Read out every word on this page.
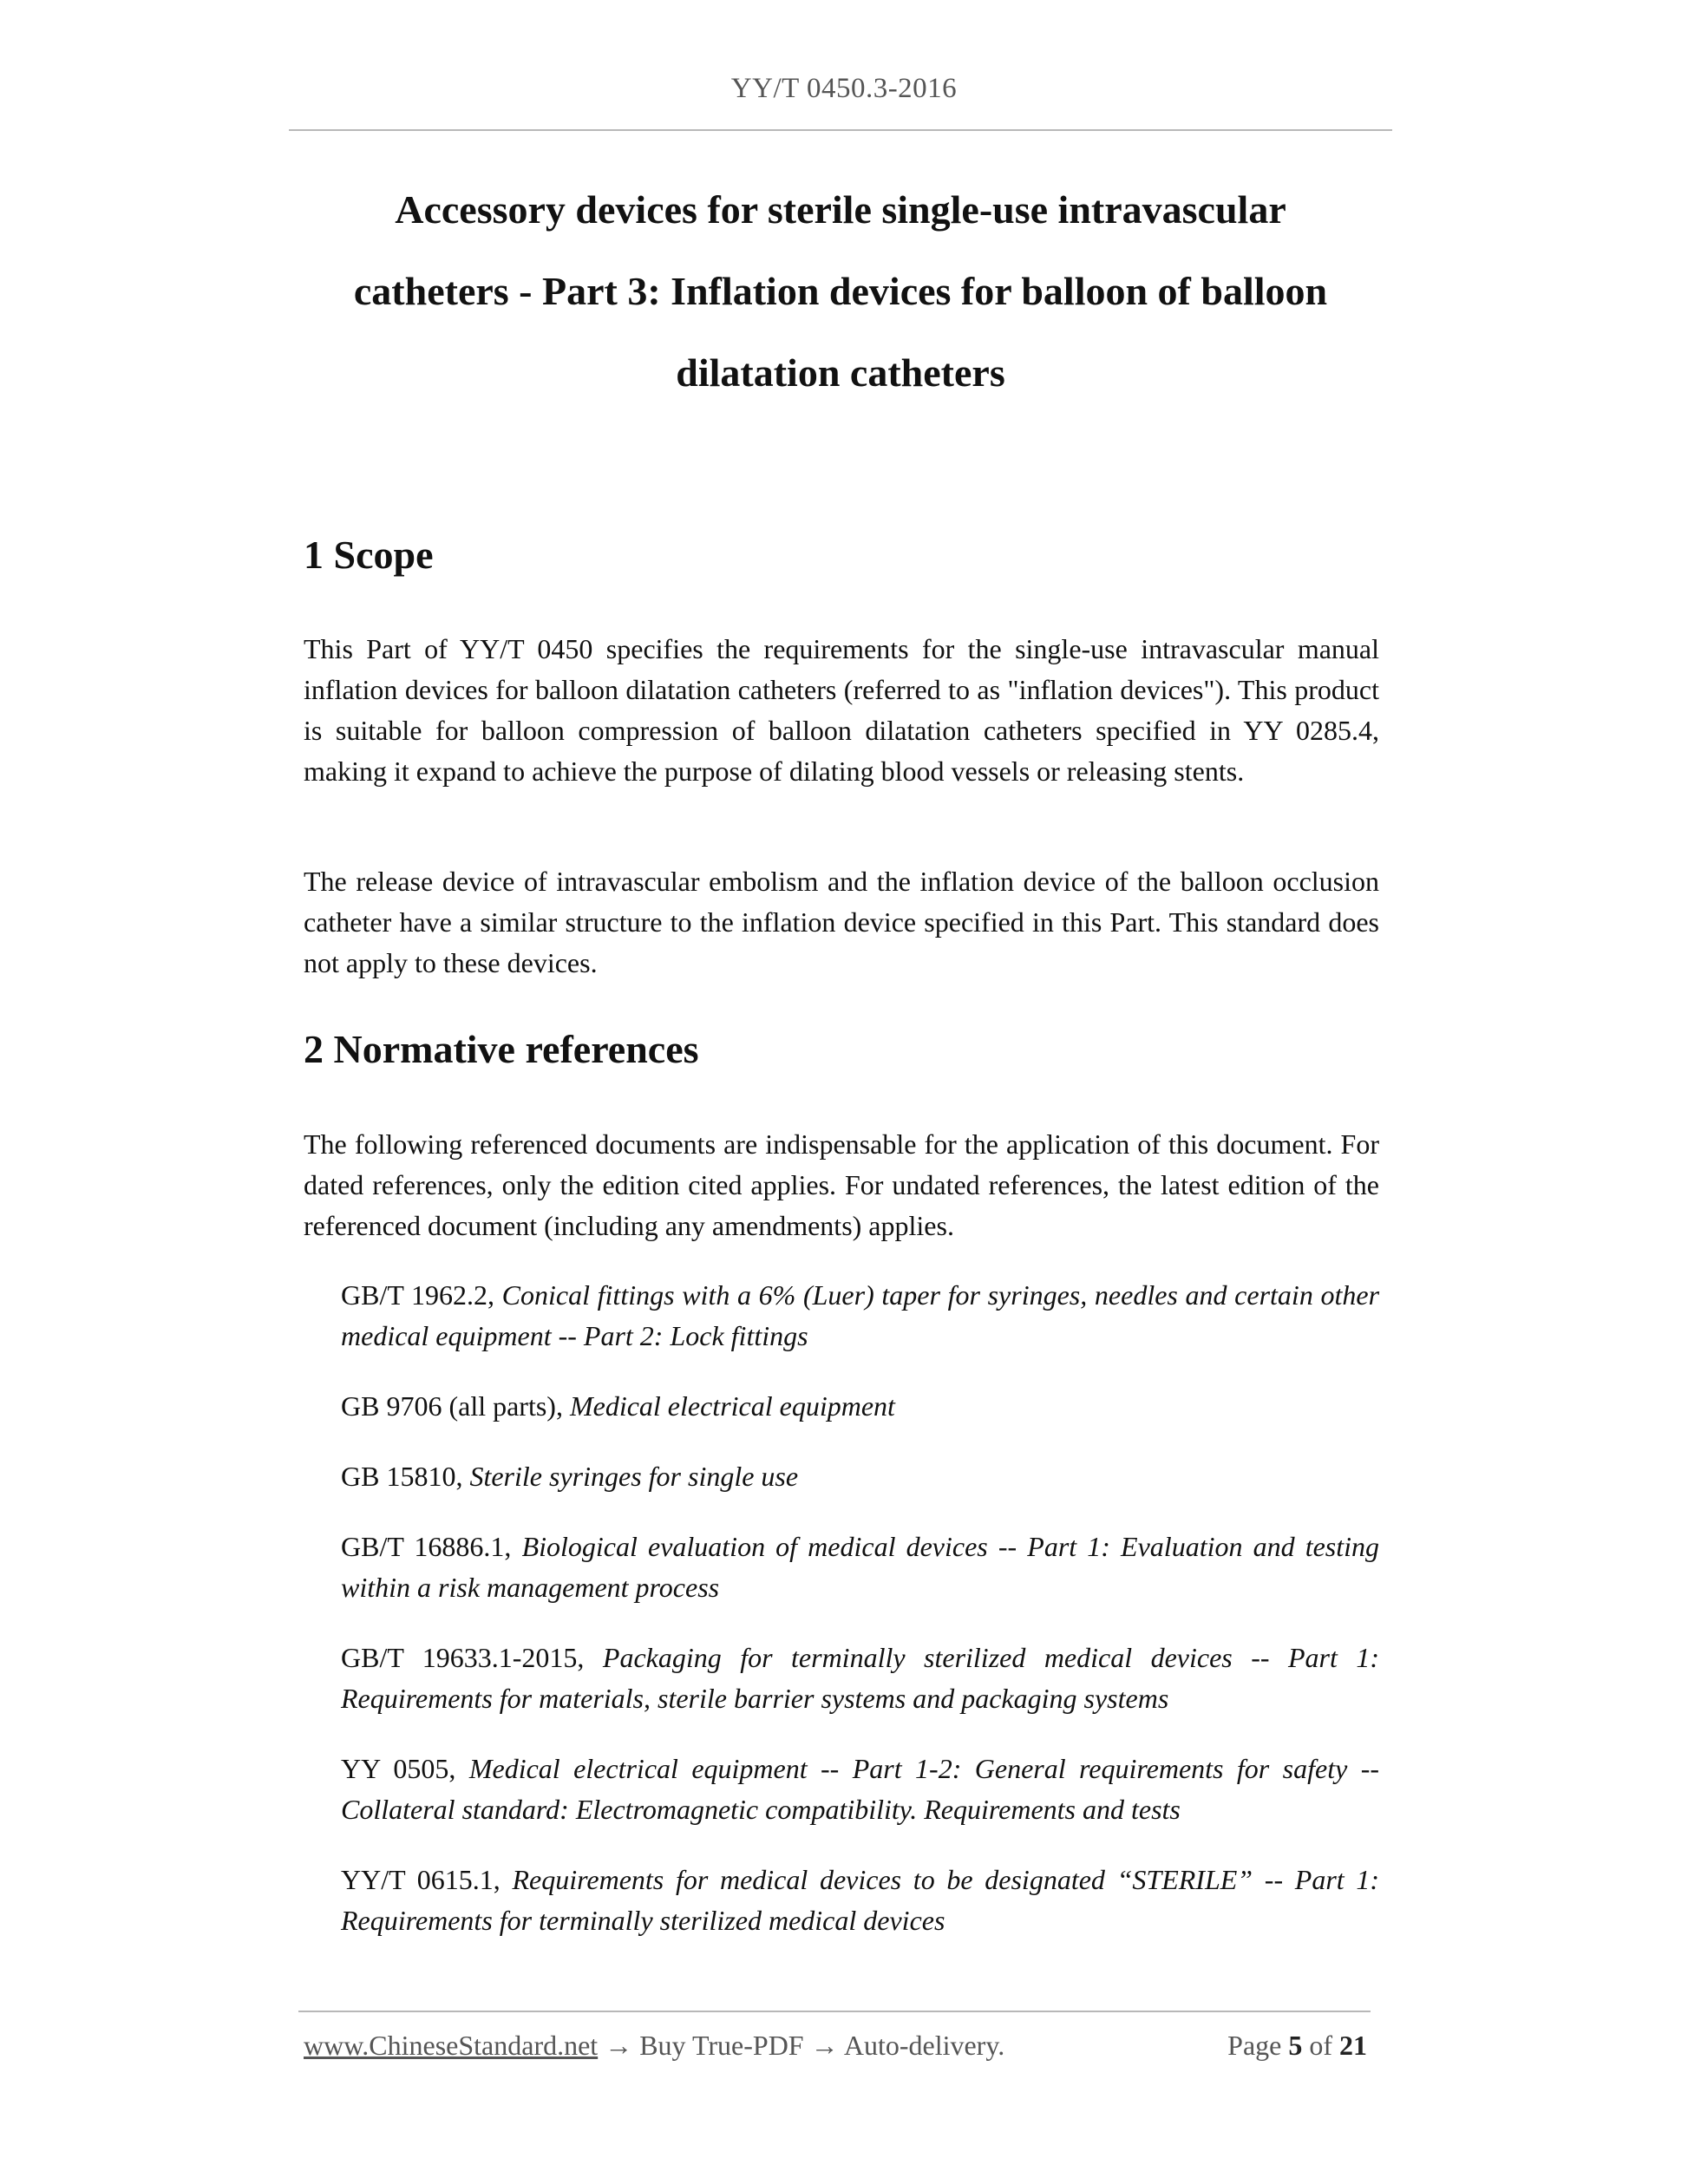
YY/T 0450.3-2016
Accessory devices for sterile single-use intravascular
catheters - Part 3: Inflation devices for balloon of balloon
dilatation catheters
1 Scope

This Part of YY/T 0450 specifies the requirements for the single-use intravascular manual inflation devices for balloon dilatation catheters (referred to as "inflation devices"). This product is suitable for balloon compression of balloon dilatation catheters specified in YY 0285.4, making it expand to achieve the purpose of dilating blood vessels or releasing stents.

The release device of intravascular embolism and the inflation device of the balloon occlusion catheter have a similar structure to the inflation device specified in this Part. This standard does not apply to these devices.

2 Normative references

The following referenced documents are indispensable for the application of this document. For dated references, only the edition cited applies. For undated references, the latest edition of the referenced document (including any amendments) applies.

GB/T 1962.2, Conical fittings with a 6% (Luer) taper for syringes, needles and certain other medical equipment -- Part 2: Lock fittings
GB 9706 (all parts), Medical electrical equipment
GB 15810, Sterile syringes for single use
GB/T 16886.1, Biological evaluation of medical devices -- Part 1: Evaluation and testing within a risk management process
GB/T 19633.1-2015, Packaging for terminally sterilized medical devices -- Part 1: Requirements for materials, sterile barrier systems and packaging systems
YY 0505, Medical electrical equipment -- Part 1-2: General requirements for safety -- Collateral standard: Electromagnetic compatibility. Requirements and tests
YY/T 0615.1, Requirements for medical devices to be designated “STERILE” -- Part 1: Requirements for terminally sterilized medical devices
www.ChineseStandard.net → Buy True-PDF → Auto-delivery.	Page 5 of 21
